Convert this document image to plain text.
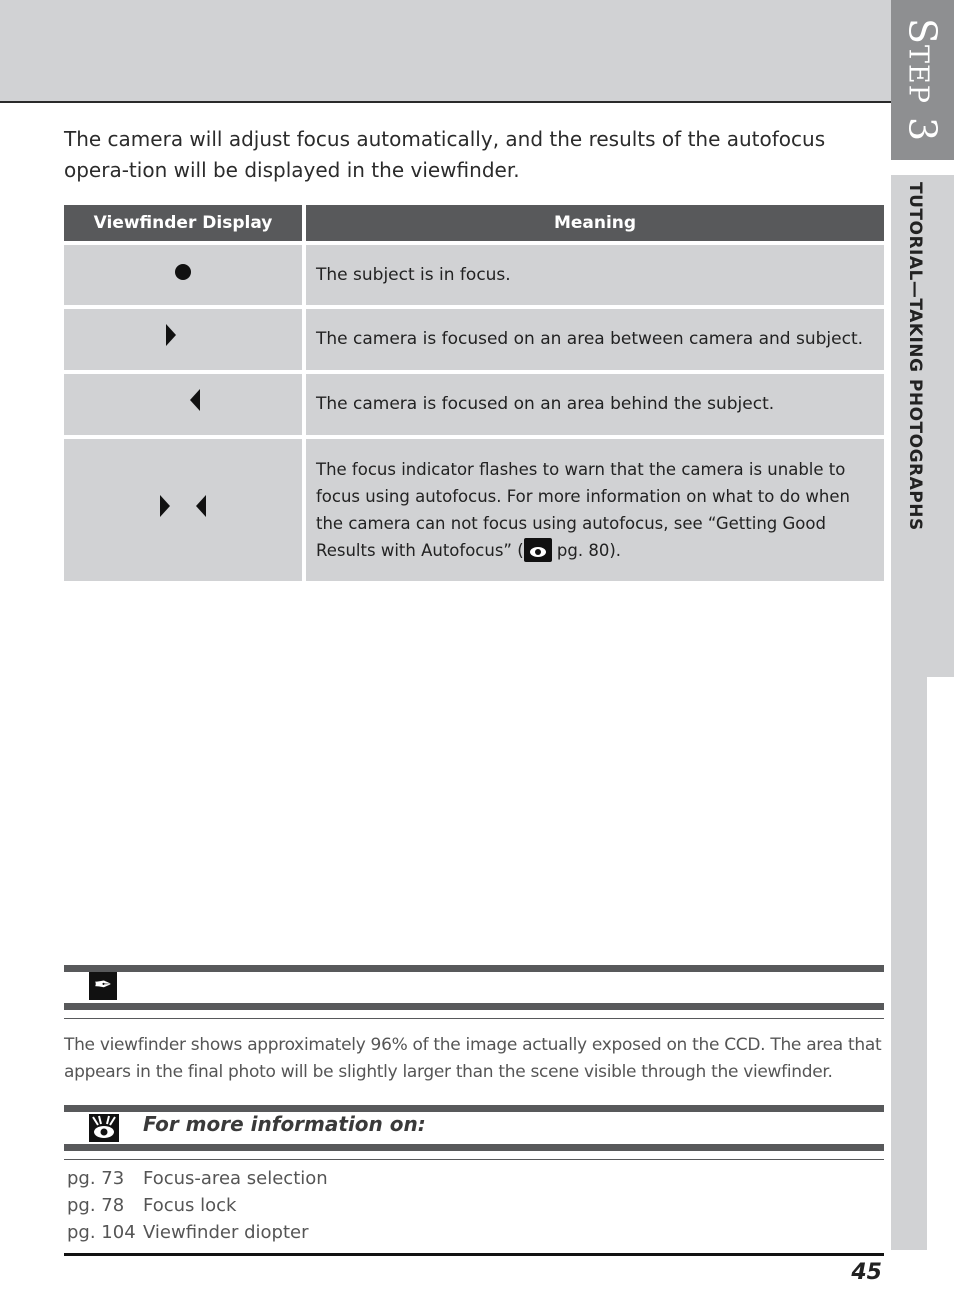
Step 3
TUTORIAL—TAKING PHOTOGRAPHS

The camera will adjust focus automatically, and the results of the autofocus opera-tion will be displayed in the viewfinder.

Viewfinder Display		Meaning

		The subject is in focus.

		The camera is focused on an area between camera and subject.

		The camera is focused on an area behind the subject.

		The focus indicator flashes to warn that the camera is unable to focus using autofocus. For more information on what to do when the camera can not focus using autofocus, see “Getting Good Results with Autofocus” ( pg. 80).
✒

The viewfinder shows approximately 96% of the image actually exposed on the CCD. The area that appears in the final photo will be slightly larger than the scene visible through the viewfinder.

For more information on:
pg. 73	Focus-area selection
pg. 78	Focus lock
pg. 104 Viewfinder diopter
45
